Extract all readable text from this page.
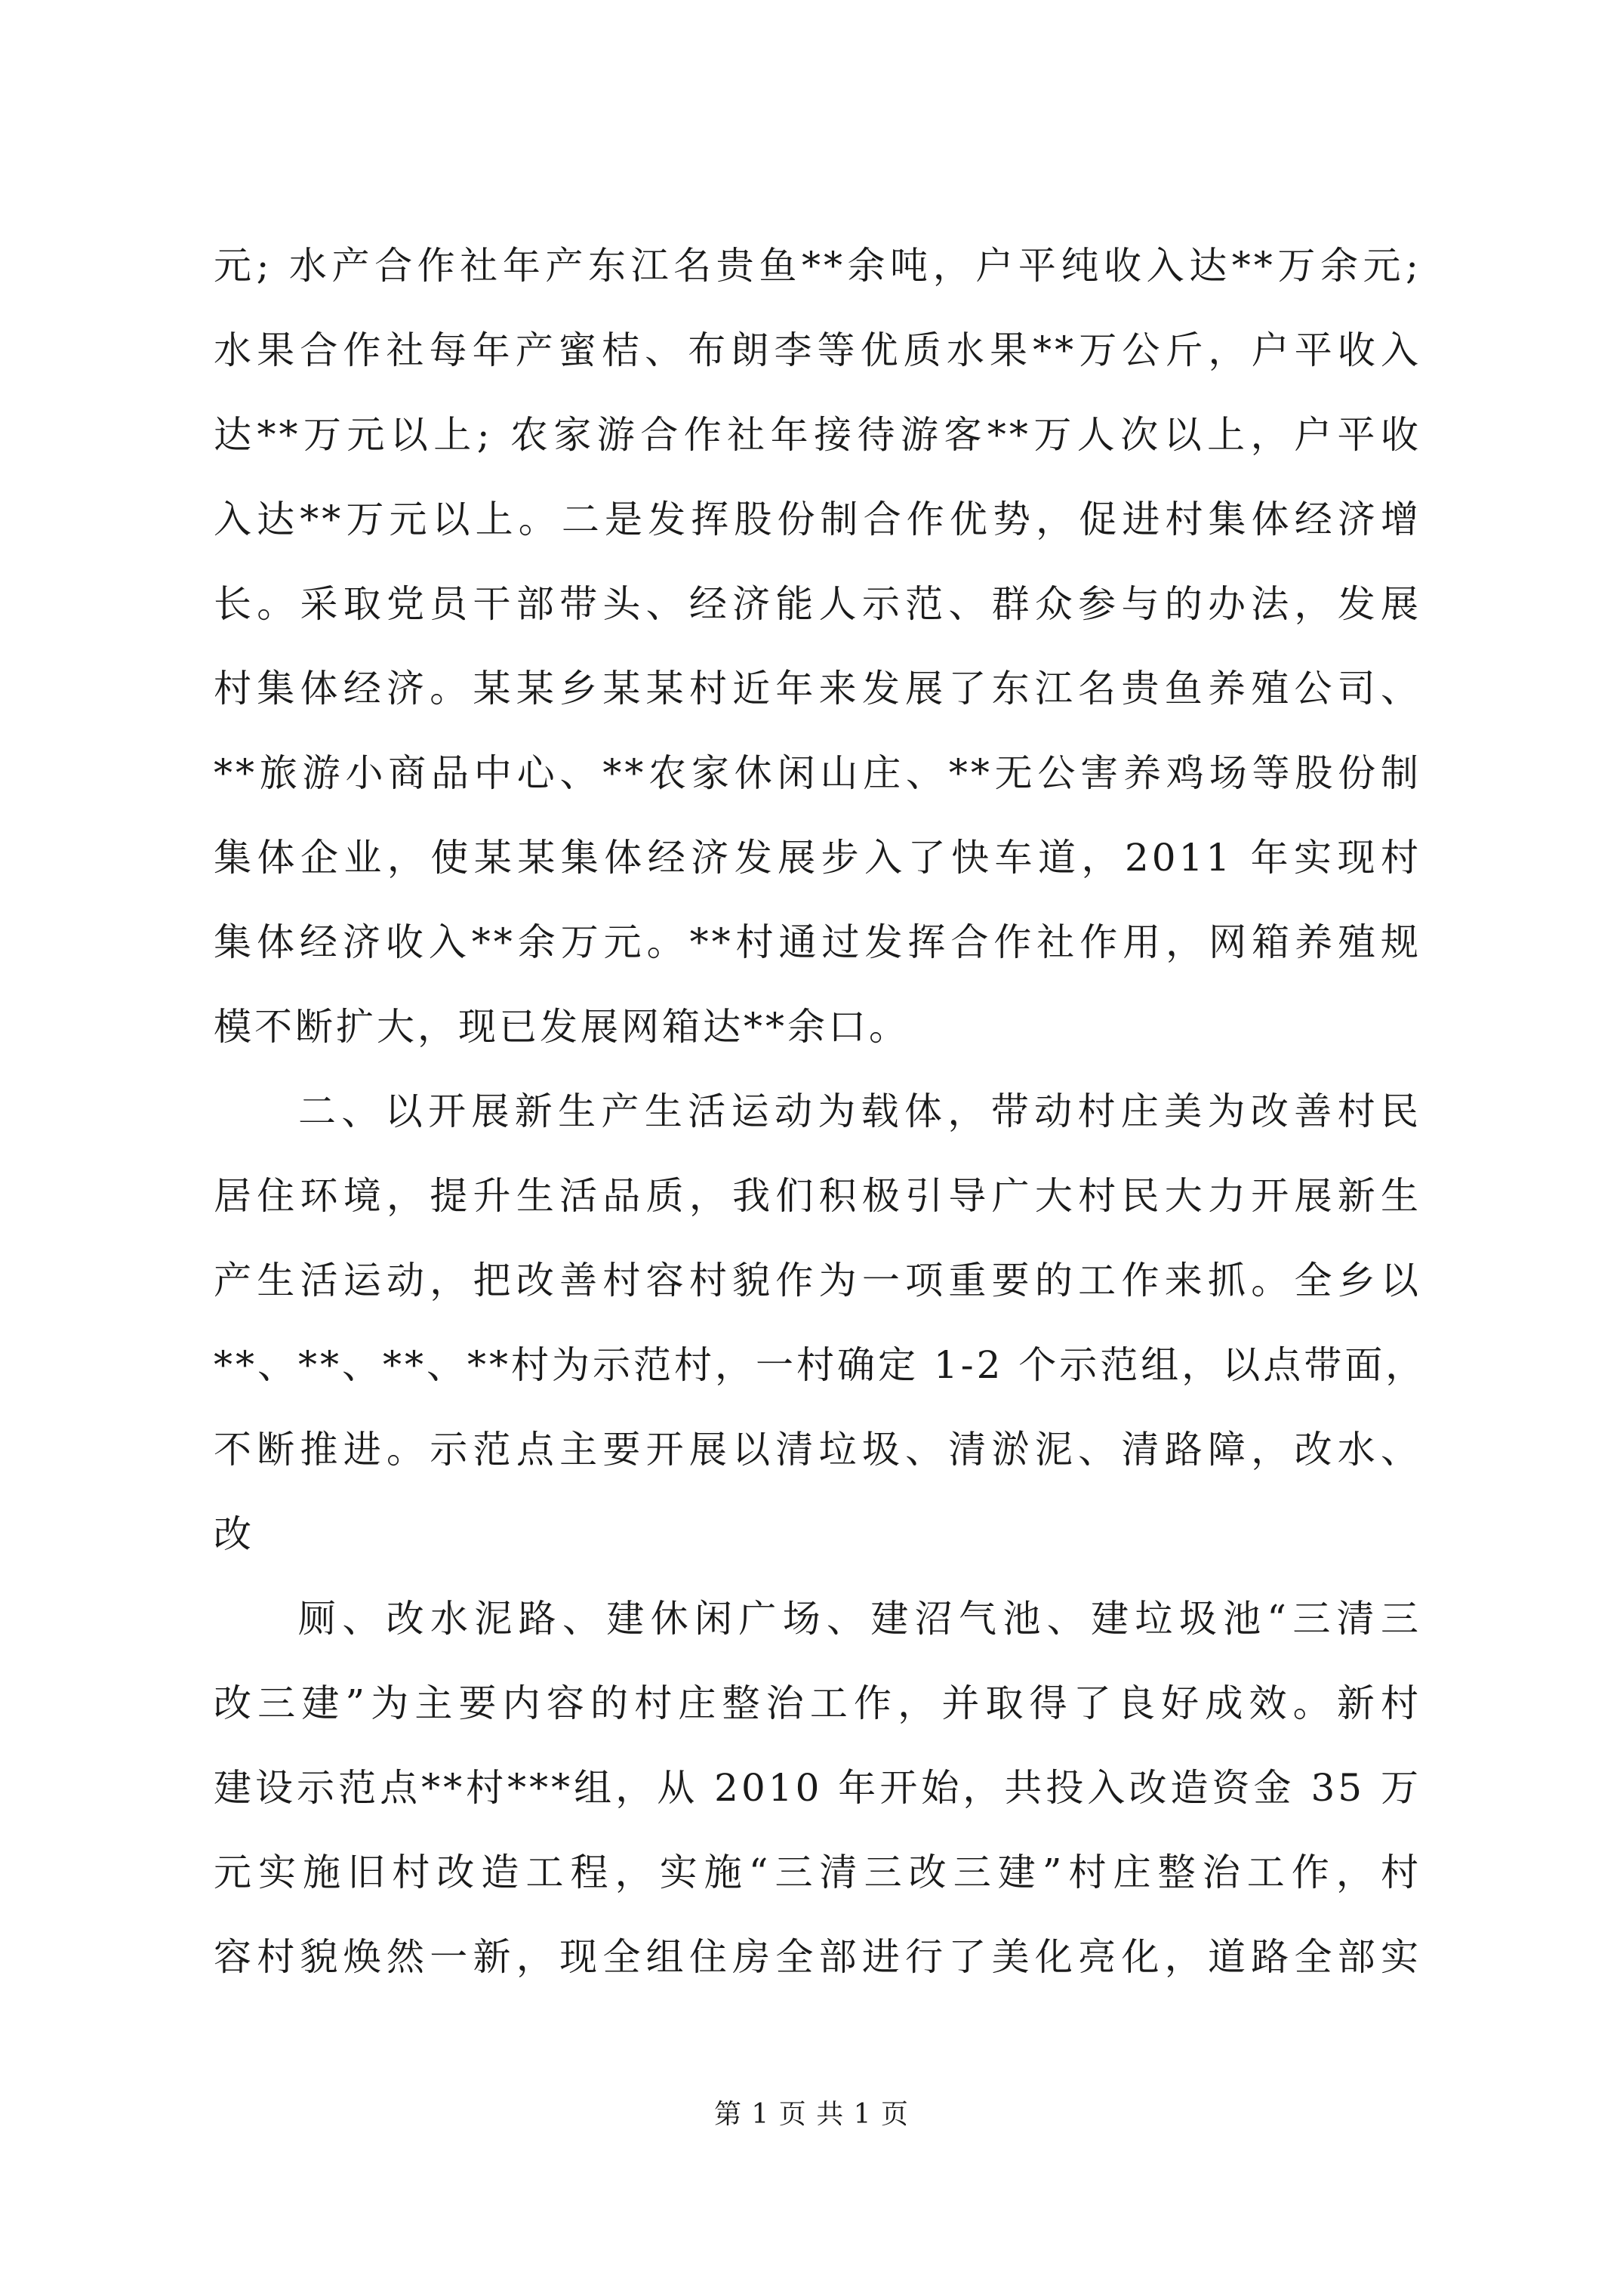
元; 水产合作社年产东江名贵鱼**余吨，户平纯收入达**万余元;
水果合作社每年产蜜桔、布朗李等优质水果**万公斤，户平收入
达**万元以上; 农家游合作社年接待游客**万人次以上，户平收
入达**万元以上。二是发挥股份制合作优势，促进村集体经济增
长。采取党员干部带头、经济能人示范、群众参与的办法，发展
村集体经济。某某乡某某村近年来发展了东江名贵鱼养殖公司、
**旅游小商品中心、**农家休闲山庄、**无公害养鸡场等股份制
集体企业，使某某集体经济发展步入了快车道，2011 年实现村
集体经济收入**余万元。**村通过发挥合作社作用，网箱养殖规
模不断扩大，现已发展网箱达**余口。
二、以开展新生产生活运动为载体，带动村庄美为改善村民
居住环境，提升生活品质，我们积极引导广大村民大力开展新生
产生活运动，把改善村容村貌作为一项重要的工作来抓。全乡以
**、**、**、**村为示范村，一村确定 1-2 个示范组，以点带面，
不断推进。示范点主要开展以清垃圾、清淤泥、清路障，改水、
改
厕、改水泥路、建休闲广场、建沼气池、建垃圾池“三清三
改三建”为主要内容的村庄整治工作，并取得了良好成效。新村
建设示范点**村***组，从 2010 年开始，共投入改造资金 35 万
元实施旧村改造工程，实施“三清三改三建”村庄整治工作，村
容村貌焕然一新，现全组住房全部进行了美化亮化，道路全部实
第 1 页 共 1 页
